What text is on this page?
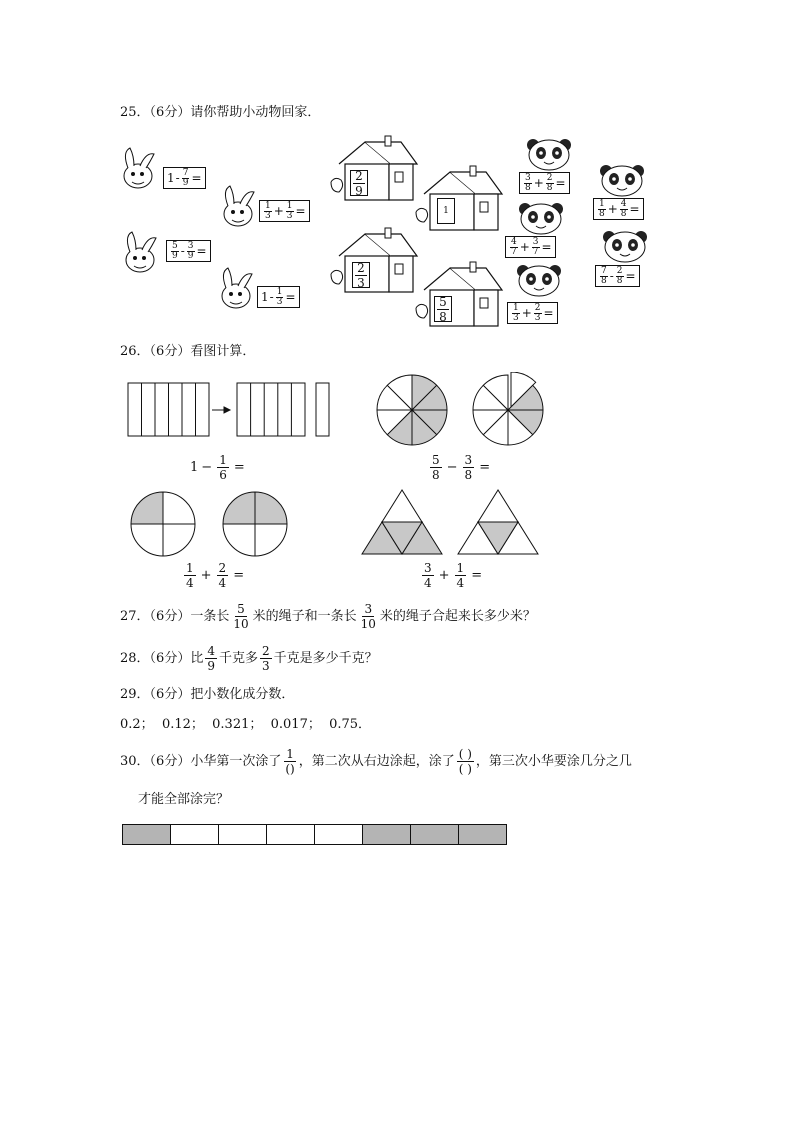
25．（6分）请你帮助小动物回家．
$1 - \frac{7}{9}$ =
$\frac{1}{3} + \frac{1}{3}$ =
$\frac{5}{9} - \frac{3}{9}$ =
$1 - \frac{1}{3}$ =
$\frac{2}{9}$
1
$\frac{2}{3}$
$\frac{5}{8}$
$\frac{3}{8} + \frac{2}{8}$ =
$\frac{1}{8} + \frac{4}{8}$ =
$\frac{4}{7} + \frac{3}{7}$ =
$\frac{7}{8} - \frac{2}{8}$ =
$\frac{1}{3} + \frac{2}{3}$ =
26．（6分）看图计算．
$1 - \frac{1}{6}$ =	$\frac{5}{8} - \frac{3}{8}$ =
$\frac{1}{4} + \frac{2}{4}$ =	$\frac{3}{4} + \frac{1}{4}$ =
27．（6分）一条长 $\frac{5}{10}$ 米的绳子和一条长 $\frac{3}{10}$ 米的绳子合起来长多少米？
28．（6分）比 $\frac{4}{9}$ 千克多 $\frac{2}{3}$ 千克是多少千克？
29．（6分）把小数化成分数．
0.2；  0.12；  0.321；  0.017；  0.75．
30．（6分）小华第一次涂了 $\frac{1}{()}$ ，第二次从右边涂起，涂了 $\frac{( )}{( )}$ ，第三次小华要涂几分之几
才能全部涂完？
